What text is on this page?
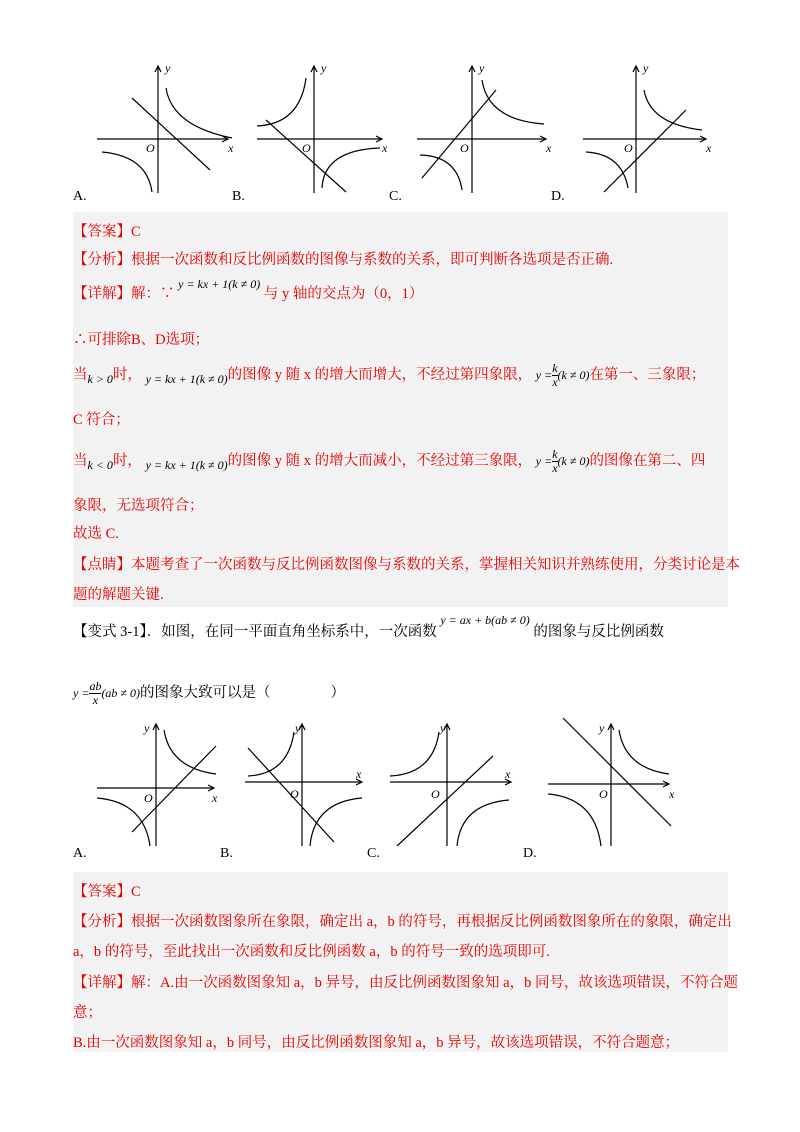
y
x
O
y
x
O
y
x
O
y
x
O
A.	B.	C.	D.
【答案】C
【分析】根据一次函数和反比例函数的图像与系数的关系，即可判断各选项是否正确.
【详解】解：∵ y = kx + 1(k ≠ 0) 与 y 轴的交点为（0，1）
∴可排除B、D选项；
当k > 0时， y = kx + 1(k ≠ 0)的图像 y 随 x 的增大而增大，不经过第四象限， $y = \frac{k}{x} (k \ne 0)$在第一、三象限；
C 符合；
当k < 0时， y = kx + 1(k ≠ 0)的图像 y 随 x 的增大而减小，不经过第三象限， $y = \frac{k}{x} (k \ne 0)$的图像在第二、四
象限，无选项符合；
故选 C.
【点睛】本题考查了一次函数与反比例函数图像与系数的关系，掌握相关知识并熟练使用，分类讨论是本
题的解题关键.
【变式 3-1】．如图，在同一平面直角坐标系中，一次函数 y = ax + b(ab ≠ 0) 的图象与反比例函数
$y = \frac{ab}{x} (ab \ne 0)$的图象大致可以是（	）
y
x
O
y
x
O
y
x
O
y
x
O
A.	B.	C.	D.
【答案】C
【分析】根据一次函数图象所在象限，确定出 a，b 的符号，再根据反比例函数图象所在的象限，确定出
a，b 的符号，至此找出一次函数和反比例函数 a，b 的符号一致的选项即可.
【详解】解：A.由一次函数图象知 a，b 异号，由反比例函数图象知 a，b 同号，故该选项错误，不符合题
意；
B.由一次函数图象知 a，b 同号，由反比例函数图象知 a，b 异号，故该选项错误，不符合题意；
